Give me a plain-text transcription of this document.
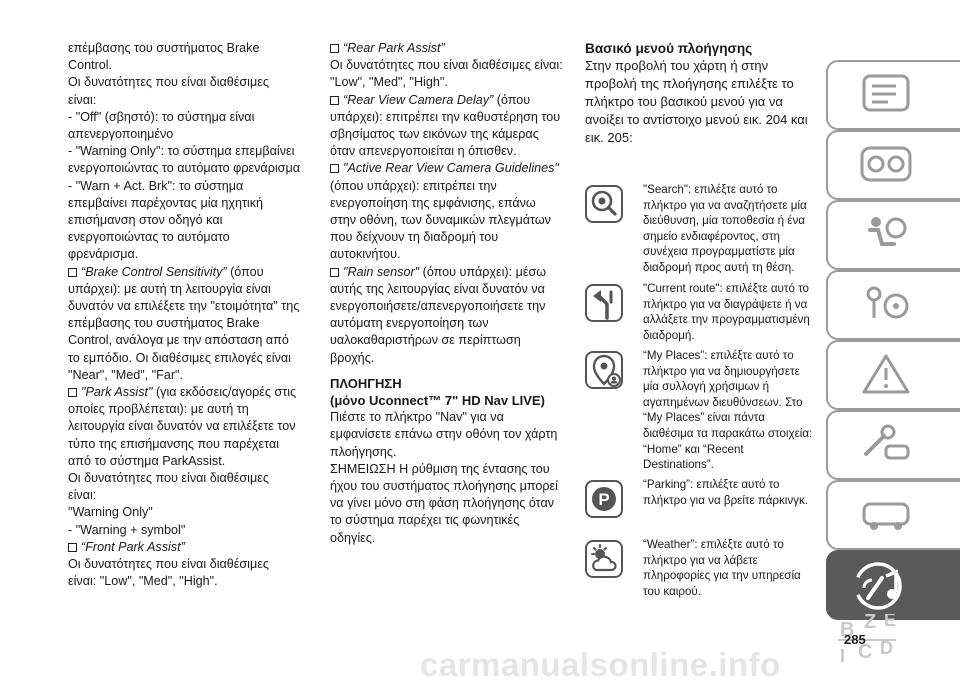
επέμβασης του συστήματος Brake Control.

Οι δυνατότητες που είναι διαθέσιμες είναι:

- "Off" (σβηστό): το σύστημα είναι απενεργοποιημένο

- "Warning Only": το σύστημα επεμβαίνει ενεργοποιώντας το αυτόματο φρενάρισμα

- "Warn + Act. Brk": το σύστημα επεμβαίνει παρέχοντας μία ηχητική επισήμανση στον οδηγό και ενεργοποιώντας το αυτόματο φρενάρισμα.

“Brake Control Sensitivity” (όπου υπάρχει): με αυτή τη λειτουργία είναι δυνατόν να επιλέξετε την "ετοιμότητα" της επέμβασης του συστήματος Brake Control, ανάλογα με την απόσταση από το εμπόδιο. Οι διαθέσιμες επιλογές είναι "Near", "Med", "Far".

"Park Assist" (για εκδόσεις/αγορές στις οποίες προβλέπεται): με αυτή τη λειτουργία είναι δυνατόν να επιλέξετε τον τύπο της επισήμανσης που παρέχεται από το σύστημα ParkAssist.

Οι δυνατότητες που είναι διαθέσιμες είναι:

"Warning Only"

- "Warning + symbol"

“Front Park Assist”

Οι δυνατότητες που είναι διαθέσιμες είναι: "Low", "Med", "High".

“Rear Park Assist”

Οι δυνατότητες που είναι διαθέσιμες είναι: "Low", "Med", "High".

“Rear View Camera Delay” (όπου υπάρχει): επιτρέπει την καθυστέρηση του σβησίματος των εικόνων της κάμερας όταν απενεργοποιείται η όπισθεν.

"Active Rear View Camera Guidelines" (όπου υπάρχει): επιτρέπει την ενεργοποίηση της εμφάνισης, επάνω στην οθόνη, των δυναμικών πλεγμάτων που δείχνουν τη διαδρομή του αυτοκινήτου.

"Rain sensor" (όπου υπάρχει): μέσω αυτής της λειτουργίας είναι δυνατόν να ενεργοποιήσετε/απενεργοποιήσετε την αυτόματη ενεργοποίηση των υαλοκαθαριστήρων σε περίπτωση βροχής.

ΠΛΟΗΓΗΣΗ

(μόνο Uconnect™ 7" HD Nav LIVE)

Πιέστε το πλήκτρο "Nav" για να εμφανίσετε επάνω στην οθόνη τον χάρτη πλοήγησης.

ΣΗΜΕΙΩΣΗ Η ρύθμιση της έντασης του ήχου του συστήματος πλοήγησης μπορεί να γίνει μόνο στη φάση πλοήγησης όταν το σύστημα παρέχει τις φωνητικές οδηγίες.

Βασικό μενού πλοήγησης

Στην προβολή του χάρτη ή στην προβολή της πλοήγησης επιλέξτε το πλήκτρο του βασικού μενού για να ανοίξει το αντίστοιχο μενού εικ. 204 και εικ. 205:

"Search": επιλέξτε αυτό το πλήκτρο για να αναζητήσετε μία διεύθυνση, μία τοποθεσία ή ένα σημείο ενδιαφέροντος, στη συνέχεια προγραμματίστε μία διαδρομή προς αυτή τη θέση.
"Current route": επιλέξτε αυτό το πλήκτρο για να διαγράψετε ή να αλλάξετε την προγραμματισμένη διαδρομή.
“My Places”: επιλέξτε αυτό το πλήκτρο για να δημιουργήσετε μία συλλογή χρήσιμων ή αγαπημένων διευθύνσεων. Στο “My Places” είναι πάντα διαθέσιμα τα παρακάτω στοιχεία: “Home” και “Recent Destinations”.
P
“Parking”: επιλέξτε αυτό το πλήκτρο για να βρείτε πάρκινγκ.
“Weather”: επιλέξτε αυτό το πλήκτρο για να λάβετε πληροφορίες για την υπηρεσία του καιρού.
B Z E
C D
I
285
carmanualsonline.info
